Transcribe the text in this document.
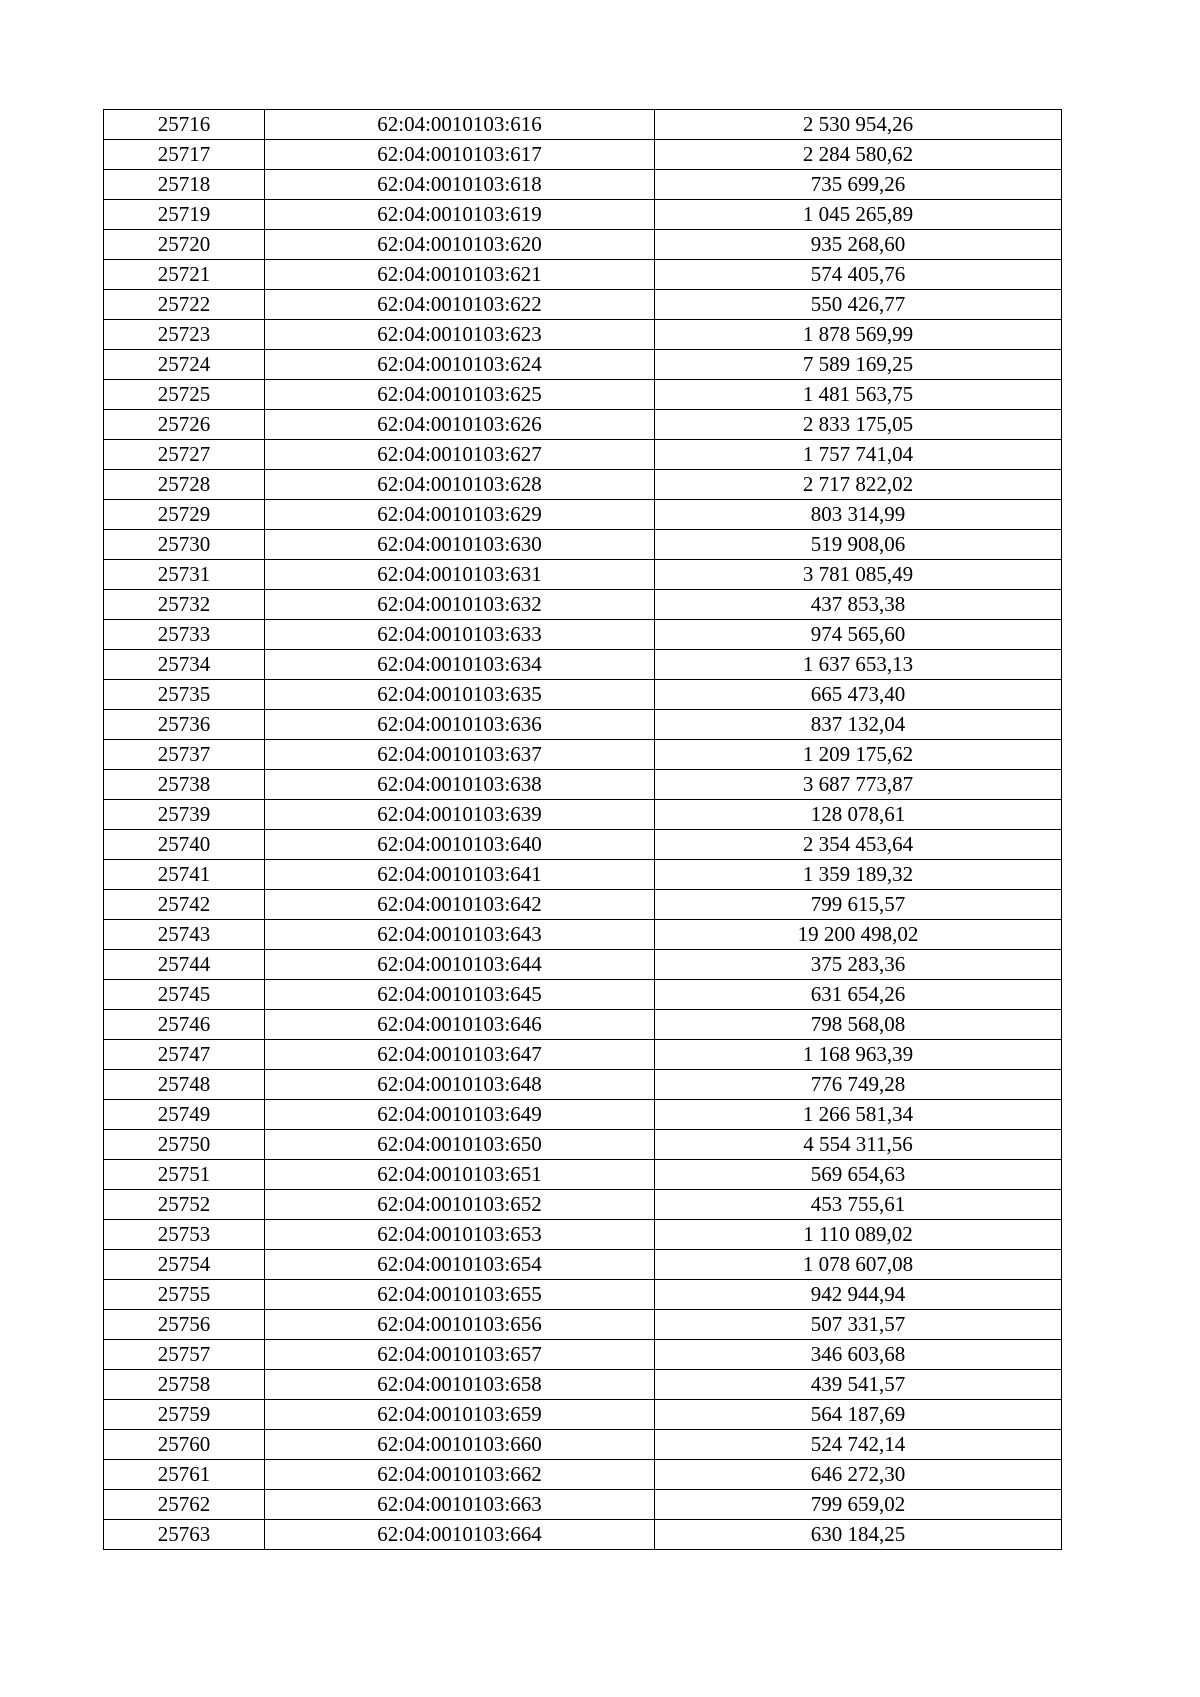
25716	62:04:0010103:616	2 530 954,26
25717	62:04:0010103:617	2 284 580,62
25718	62:04:0010103:618	735 699,26
25719	62:04:0010103:619	1 045 265,89
25720	62:04:0010103:620	935 268,60
25721	62:04:0010103:621	574 405,76
25722	62:04:0010103:622	550 426,77
25723	62:04:0010103:623	1 878 569,99
25724	62:04:0010103:624	7 589 169,25
25725	62:04:0010103:625	1 481 563,75
25726	62:04:0010103:626	2 833 175,05
25727	62:04:0010103:627	1 757 741,04
25728	62:04:0010103:628	2 717 822,02
25729	62:04:0010103:629	803 314,99
25730	62:04:0010103:630	519 908,06
25731	62:04:0010103:631	3 781 085,49
25732	62:04:0010103:632	437 853,38
25733	62:04:0010103:633	974 565,60
25734	62:04:0010103:634	1 637 653,13
25735	62:04:0010103:635	665 473,40
25736	62:04:0010103:636	837 132,04
25737	62:04:0010103:637	1 209 175,62
25738	62:04:0010103:638	3 687 773,87
25739	62:04:0010103:639	128 078,61
25740	62:04:0010103:640	2 354 453,64
25741	62:04:0010103:641	1 359 189,32
25742	62:04:0010103:642	799 615,57
25743	62:04:0010103:643	19 200 498,02
25744	62:04:0010103:644	375 283,36
25745	62:04:0010103:645	631 654,26
25746	62:04:0010103:646	798 568,08
25747	62:04:0010103:647	1 168 963,39
25748	62:04:0010103:648	776 749,28
25749	62:04:0010103:649	1 266 581,34
25750	62:04:0010103:650	4 554 311,56
25751	62:04:0010103:651	569 654,63
25752	62:04:0010103:652	453 755,61
25753	62:04:0010103:653	1 110 089,02
25754	62:04:0010103:654	1 078 607,08
25755	62:04:0010103:655	942 944,94
25756	62:04:0010103:656	507 331,57
25757	62:04:0010103:657	346 603,68
25758	62:04:0010103:658	439 541,57
25759	62:04:0010103:659	564 187,69
25760	62:04:0010103:660	524 742,14
25761	62:04:0010103:662	646 272,30
25762	62:04:0010103:663	799 659,02
25763	62:04:0010103:664	630 184,25
